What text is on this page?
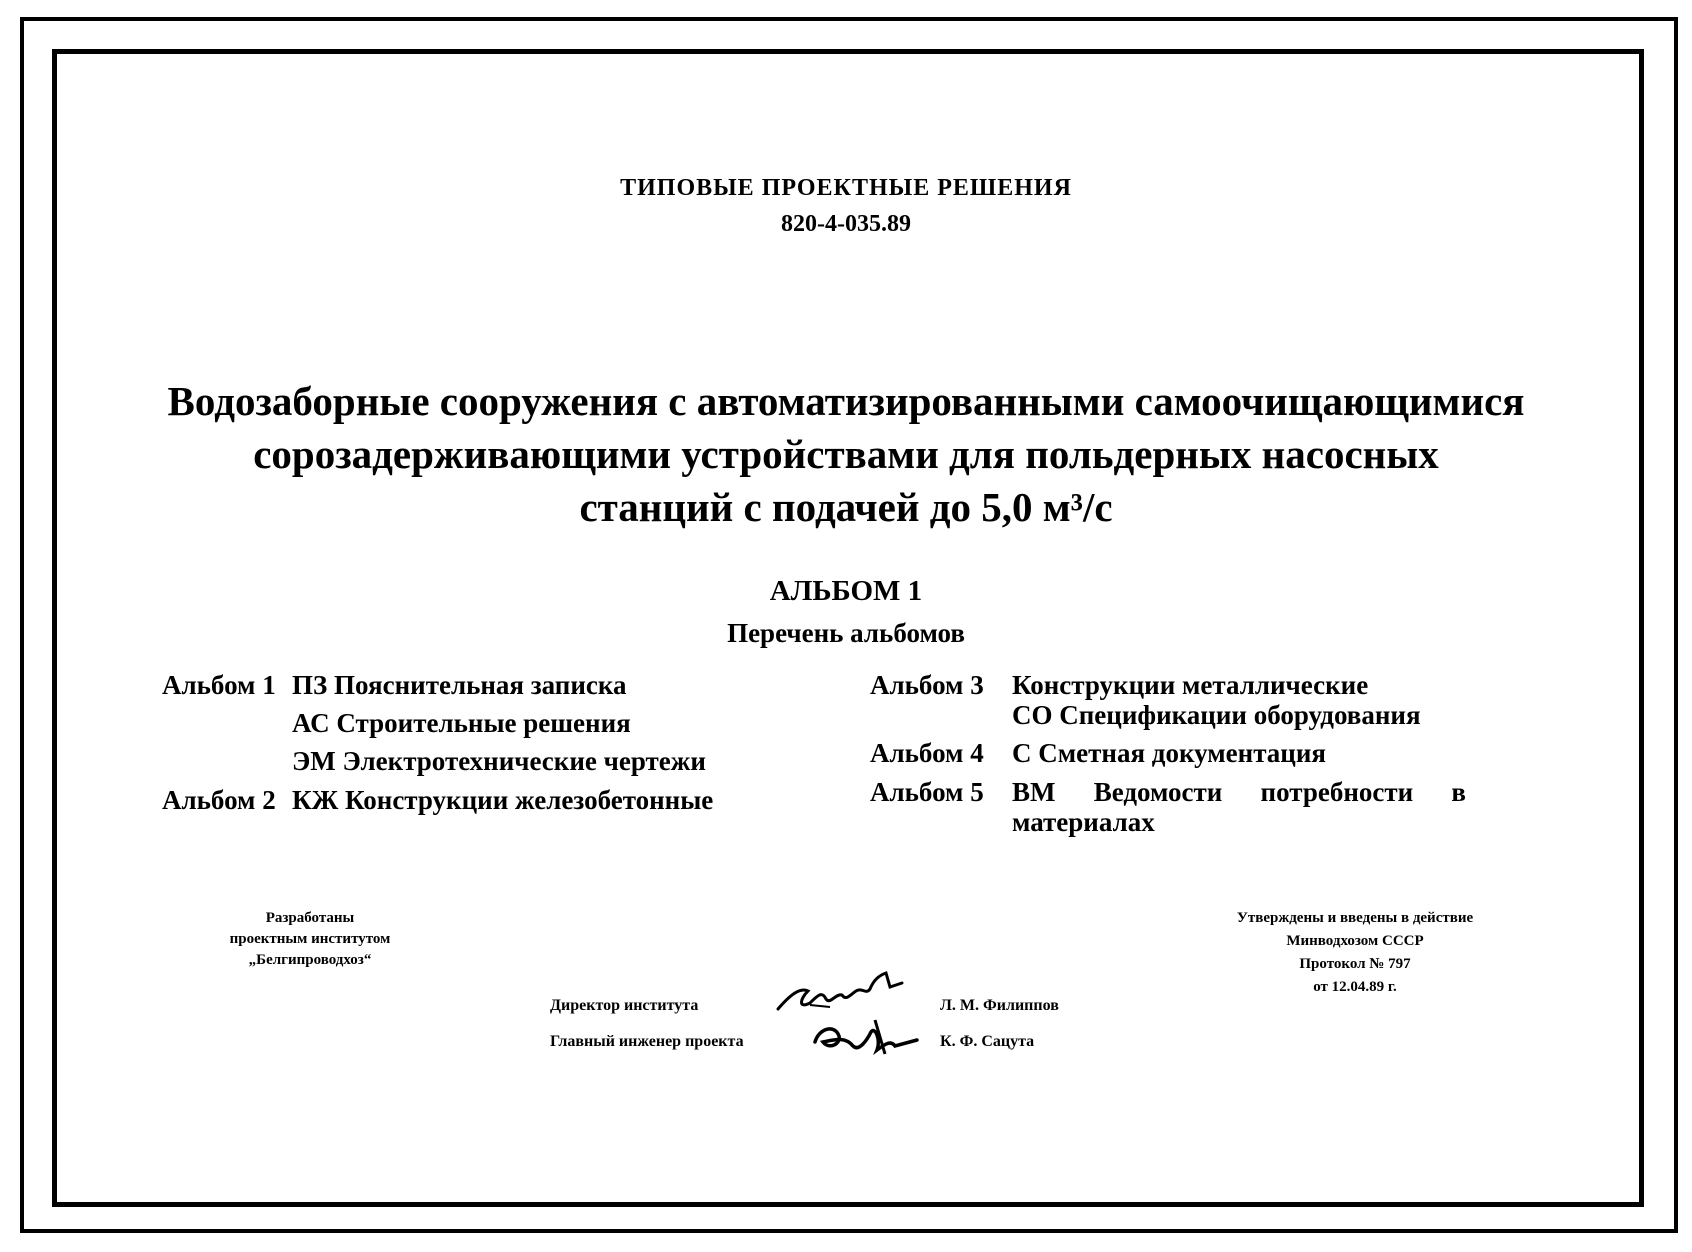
ТИПОВЫЕ ПРОЕКТНЫЕ РЕШЕНИЯ
820-4-035.89
Водозаборные сооружения с автоматизированными самоочищающимися
сорозадерживающими устройствами для польдерных насосных
станций с подачей до 5,0 м³/с
АЛЬБОМ 1
Перечень альбомов
Альбом 1 ПЗ Пояснительная записка
АС Строительные решения
ЭМ Электротехнические чертежи
Альбом 2 КЖ Конструкции железобетонные
Альбом 3	Конструкции металлические
СО Спецификации оборудования
Альбом 4	С Сметная документация
Альбом 5	ВМ Ведомости потребности в
материалах
Разработаны
проектным институтом
„Белгипроводхоз“
Утверждены и введены в действие
Минводхозом СССР
Протокол № 797
от 12.04.89 г.
Директор института	Л. М. Филиппов
Главный инженер проекта	К. Ф. Сацута
